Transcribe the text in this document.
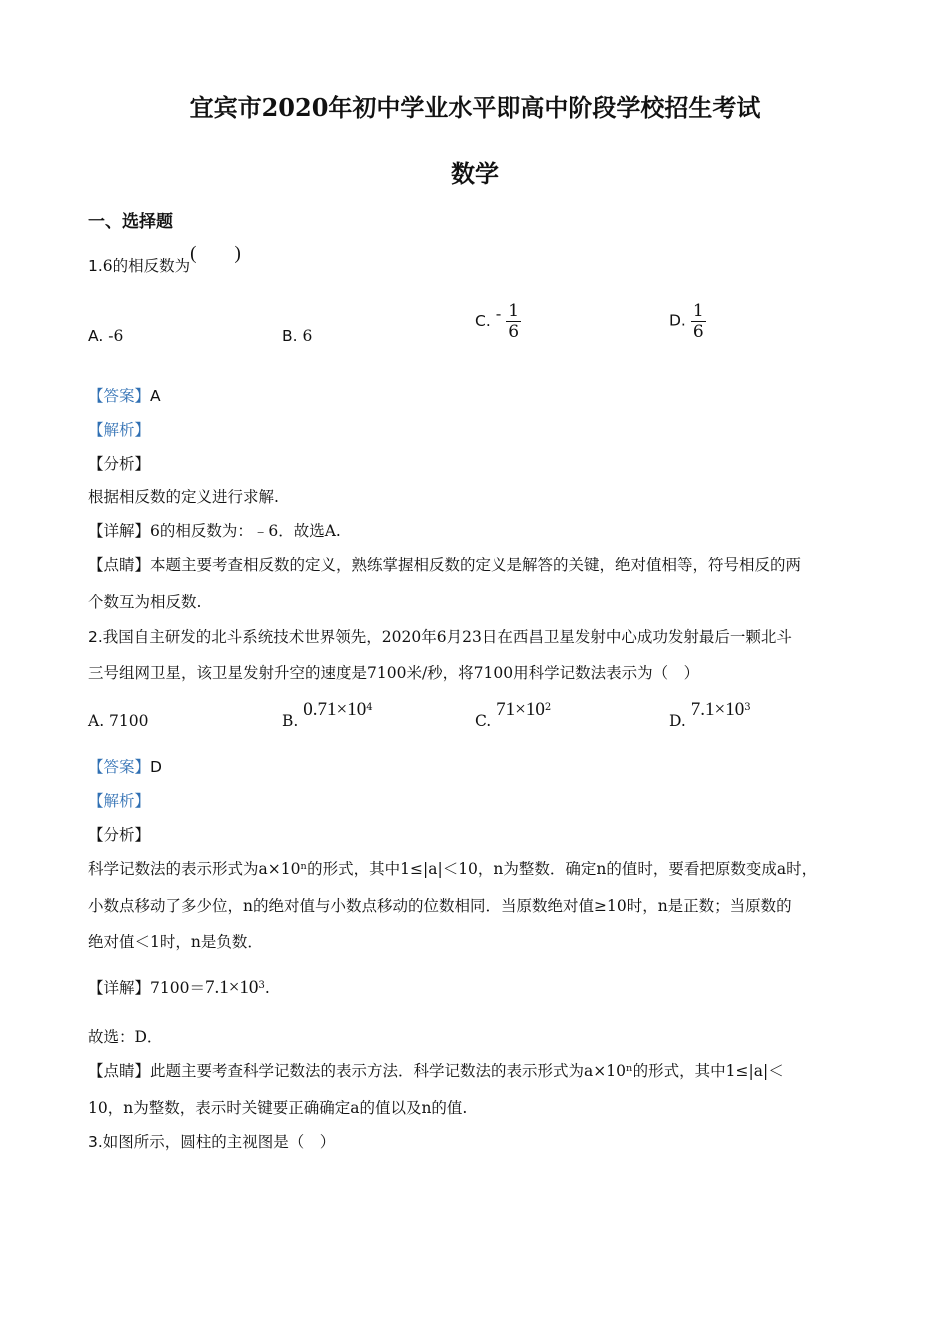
宜宾市2020年初中学业水平即高中阶段学校招生考试
数学
一、选择题
1.6的相反数为(　　)
A. -6	B. 6
C. - $\frac{1}{6}$	D. $\frac{1}{6}$
【答案】A
【解析】
【分析】
根据相反数的定义进行求解.
【详解】6的相反数为：﹣6．故选A.
【点睛】本题主要考查相反数的定义，熟练掌握相反数的定义是解答的关键，绝对值相等，符号相反的两
个数互为相反数.
2.我国自主研发的北斗系统技术世界领先，2020年6月23日在西昌卫星发射中心成功发射最后一颗北斗
三号组网卫星，该卫星发射升空的速度是7100米/秒，将7100用科学记数法表示为（　）
A. 7100	B. $0.71\times 10^4$
C. $71\times 10^2$
D. $7.1\times 10^3$
【答案】D
【解析】
【分析】
科学记数法的表示形式为a×10ⁿ的形式，其中1≤|a|＜10，n为整数．确定n的值时，要看把原数变成a时，
小数点移动了多少位，n的绝对值与小数点移动的位数相同．当原数绝对值≥10时，n是正数；当原数的
绝对值＜1时，n是负数．
【详解】$7100=7.1\times 10^3$.
故选：D．
【点睛】此题主要考查科学记数法的表示方法．科学记数法的表示形式为a×10ⁿ的形式，其中1≤|a|＜
10，n为整数，表示时关键要正确确定a的值以及n的值.
3.如图所示，圆柱的主视图是（　）
